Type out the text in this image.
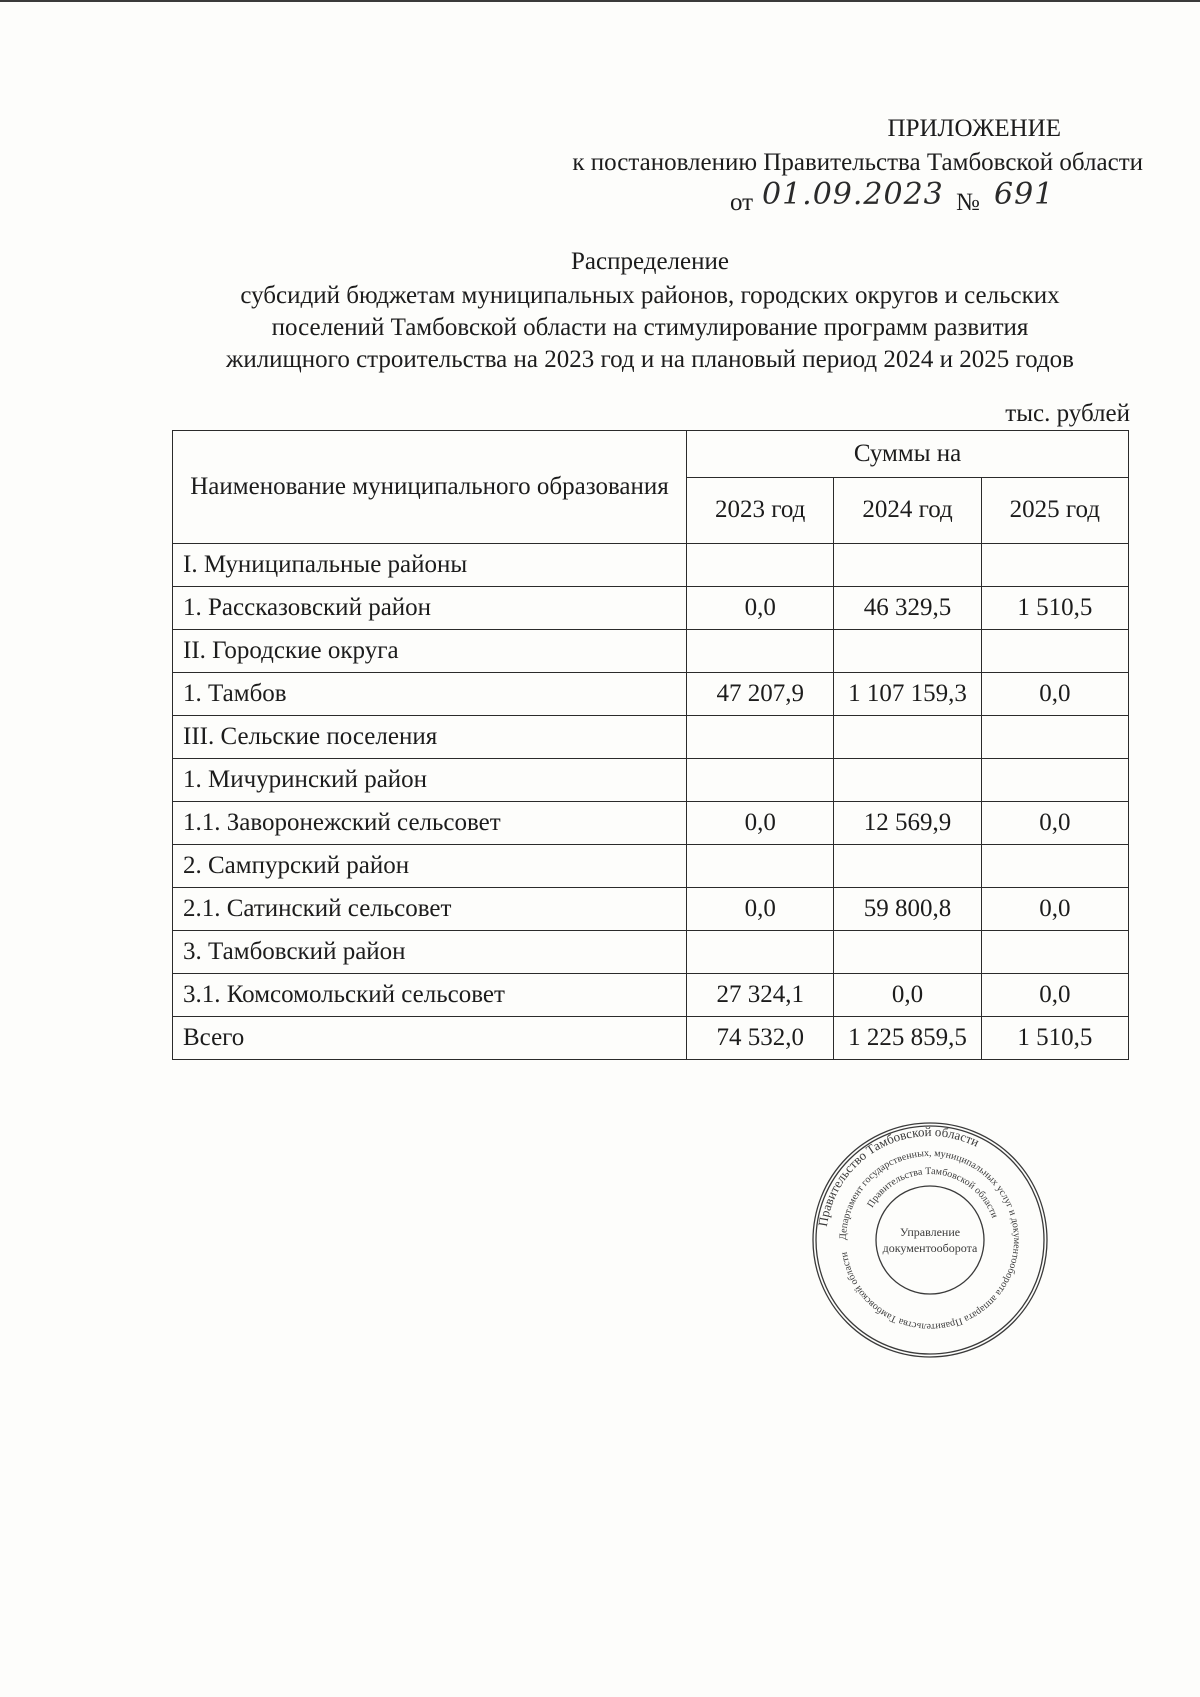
ПРИЛОЖЕНИЕ
к постановлению Правительства Тамбовской области
от 01.09.2023 № 691
Распределение
субсидий бюджетам муниципальных районов, городских округов и сельских
поселений Тамбовской области на стимулирование программ развития
жилищного строительства на 2023 год и на плановый период 2024 и 2025 годов
тыс. рублей
Наименование муниципального образования	Суммы на		
	2023 год	2024 год	2025 год
I. Муниципальные районы			
1. Рассказовский район	0,0	46 329,5	1 510,5
II. Городские округа			
1. Тамбов	47 207,9	1 107 159,3	0,0
III. Сельские поселения			
1. Мичуринский район			
1.1. Заворонежский сельсовет	0,0	12 569,9	0,0
2. Сампурский район			
2.1. Сатинский сельсовет	0,0	59 800,8	0,0
3. Тамбовский район			
3.1. Комсомольский сельсовет	27 324,1	0,0	0,0
Всего	74 532,0	1 225 859,5	1 510,5
Правительство Тамбовской области
Департамент государственных, муниципальных услуг и документооборота аппарата Правительства Тамбовской области
Правительства Тамбовской области
Управление
документооборота
